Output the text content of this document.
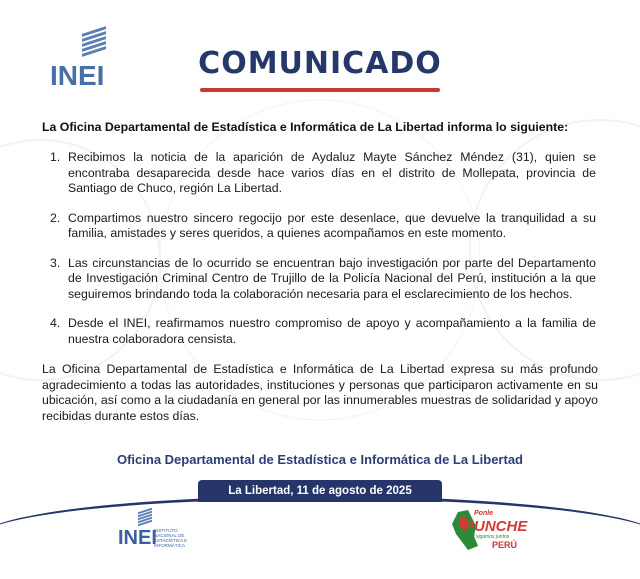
INEI	COMUNICADO
La Oficina Departamental de Estadística e Informática de La Libertad informa lo siguiente:
1. Recibimos la noticia de la aparición de Aydaluz Mayte Sánchez Méndez (31), quien se encontraba desaparecida desde hace varios días en el distrito de Mollepata, provincia de Santiago de Chuco, región La Libertad.
2. Compartimos nuestro sincero regocijo por este desenlace, que devuelve la tranquilidad a su familia, amistades y seres queridos, a quienes acompañamos en este momento.
3. Las circunstancias de lo ocurrido se encuentran bajo investigación por parte del Departamento de Investigación Criminal Centro de Trujillo de la Policía Nacional del Perú, institución a la que seguiremos brindando toda la colaboración necesaria para el esclarecimiento de los hechos.
4. Desde el INEI, reafirmamos nuestro compromiso de apoyo y acompañamiento a la familia de nuestra colaboradora censista.
La Oficina Departamental de Estadística e Informática de La Libertad expresa su más profundo agradecimiento a todas las autoridades, instituciones y personas que participaron activamente en su ubicación, así como a la ciudadanía en general por las innumerables muestras de solidaridad y apoyo recibidas durante estos días.
Oficina Departamental de Estadística e Informática de La Libertad
La Libertad, 11 de agosto de 2025
INEI
INSTITUTO
NACIONAL DE
ESTADÍSTICA E
INFORMÁTICA
Ponle
PUNCHE
y sigamos juntos
PERÚ
